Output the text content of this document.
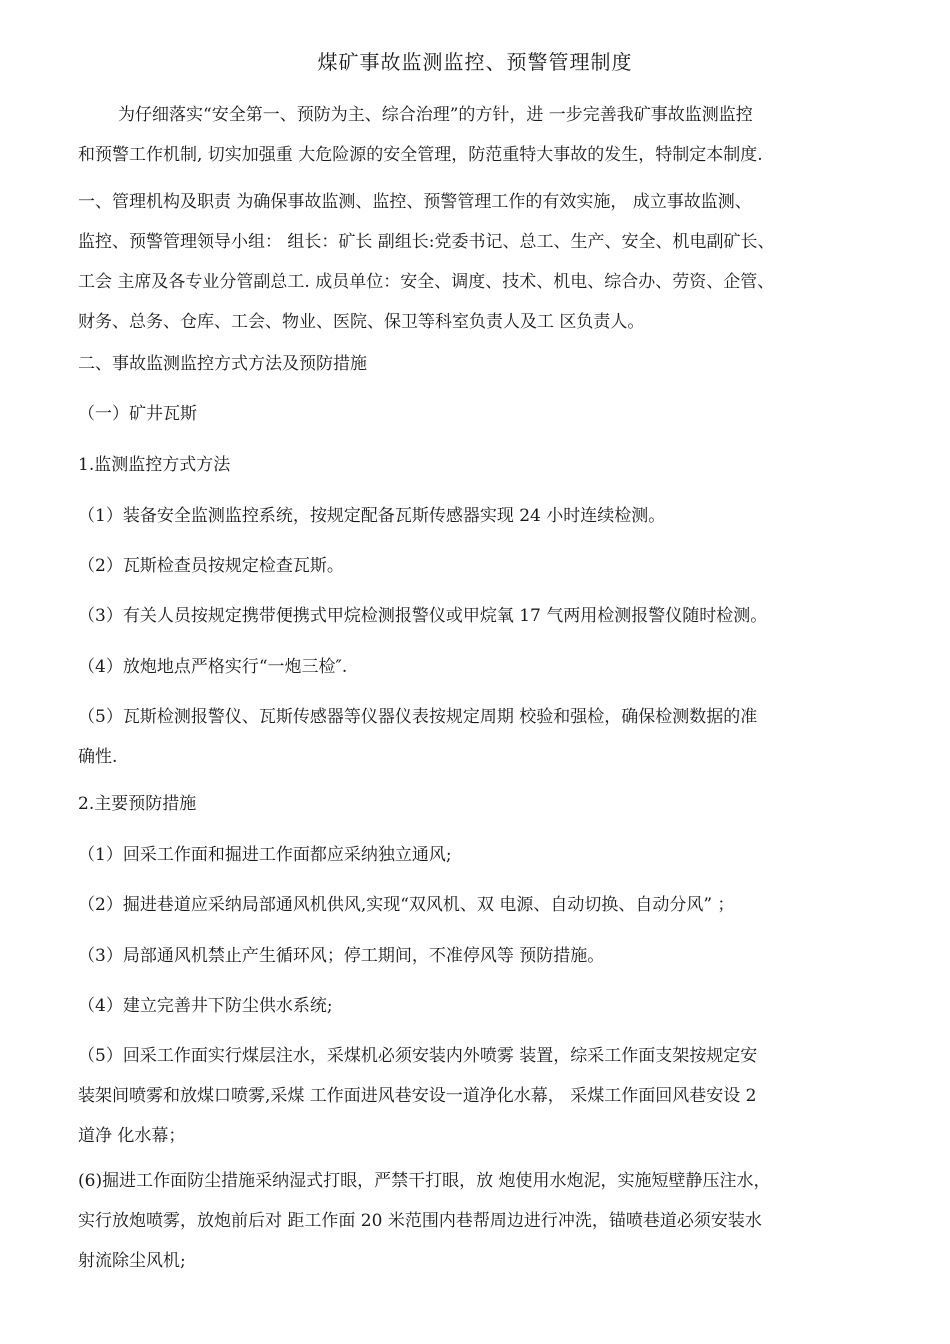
煤矿事故监测监控、预警管理制度
为仔细落实“安全第一、预防为主、综合治理”的方针，进 一步完善我矿事故监测监控
和预警工作机制, 切实加强重 大危险源的安全管理，防范重特大事故的发生，特制定本制度.
一、管理机构及职责 为确保事故监测、监控、预警管理工作的有效实施， 成立事故监测、
监控、预警管理领导小组： 组长：矿长 副组长:党委书记、总工、生产、安全、机电副矿长、
工会 主席及各专业分管副总工. 成员单位：安全、调度、技术、机电、综合办、劳资、企管、
财务、总务、仓库、工会、物业、医院、保卫等科室负责人及工 区负责人。
二、事故监测监控方式方法及预防措施
（一）矿井瓦斯
1.监测监控方式方法
（1）装备安全监测监控系统，按规定配备瓦斯传感器实现 24 小时连续检测。
（2）瓦斯检查员按规定检查瓦斯。
（3）有关人员按规定携带便携式甲烷检测报警仪或甲烷氧 17 气两用检测报警仪随时检测。
（4）放炮地点严格实行“一炮三检″.
（5）瓦斯检测报警仪、瓦斯传感器等仪器仪表按规定周期 校验和强检，确保检测数据的准
确性.
2.主要预防措施
（1）回采工作面和掘进工作面都应采纳独立通风;
（2）掘进巷道应采纳局部通风机供风,实现“双风机、双 电源、自动切换、自动分风” ；
（3）局部通风机禁止产生循环风；停工期间，不准停风等 预防措施。
（4）建立完善井下防尘供水系统;
（5）回采工作面实行煤层注水，采煤机必须安装内外喷雾 装置，综采工作面支架按规定安
装架间喷雾和放煤口喷雾,采煤 工作面进风巷安设一道净化水幕， 采煤工作面回风巷安设 2
道净 化水幕；
(6)掘进工作面防尘措施采纳湿式打眼，严禁干打眼，放 炮使用水炮泥，实施短壁静压注水，
实行放炮喷雾，放炮前后对 距工作面 20 米范围内巷帮周边进行冲洗，锚喷巷道必须安装水
射流除尘风机;
